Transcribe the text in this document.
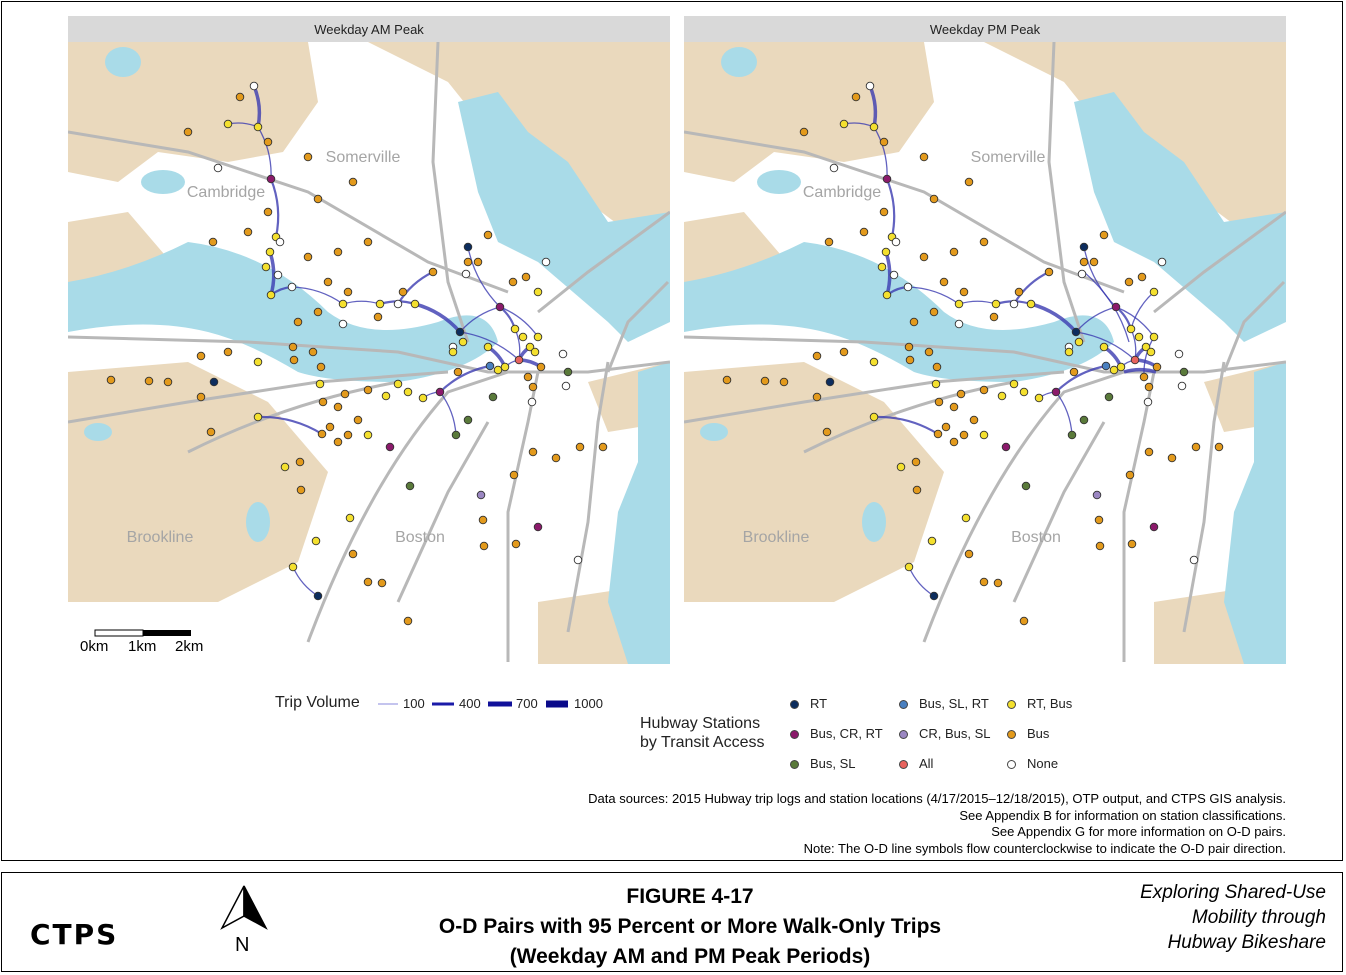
Weekday AM Peak
Somerville
Cambridge
Brookline	Boston
0km 1km 2km
Weekday PM Peak
Somerville
Cambridge
Brookline	Boston
Trip Volume	100	400	700	1000
Hubway Stations
by Transit Access
RT
Bus, CR, RT
Bus, SL
Bus, SL, RT
CR, Bus, SL
All
RT, Bus
Bus
None
Data sources: 2015 Hubway trip logs and station locations (4/17/2015–12/18/2015), OTP output, and CTPS GIS analysis.
See Appendix B for information on station classifications.
See Appendix G for more information on O-D pairs.
Note: The O-D line symbols flow counterclockwise to indicate the O-D pair direction.
CTPS	N
FIGURE 4-17
O-D Pairs with 95 Percent or More Walk-Only Trips
(Weekday AM and PM Peak Periods)
Exploring Shared-Use
Mobility through
Hubway Bikeshare
